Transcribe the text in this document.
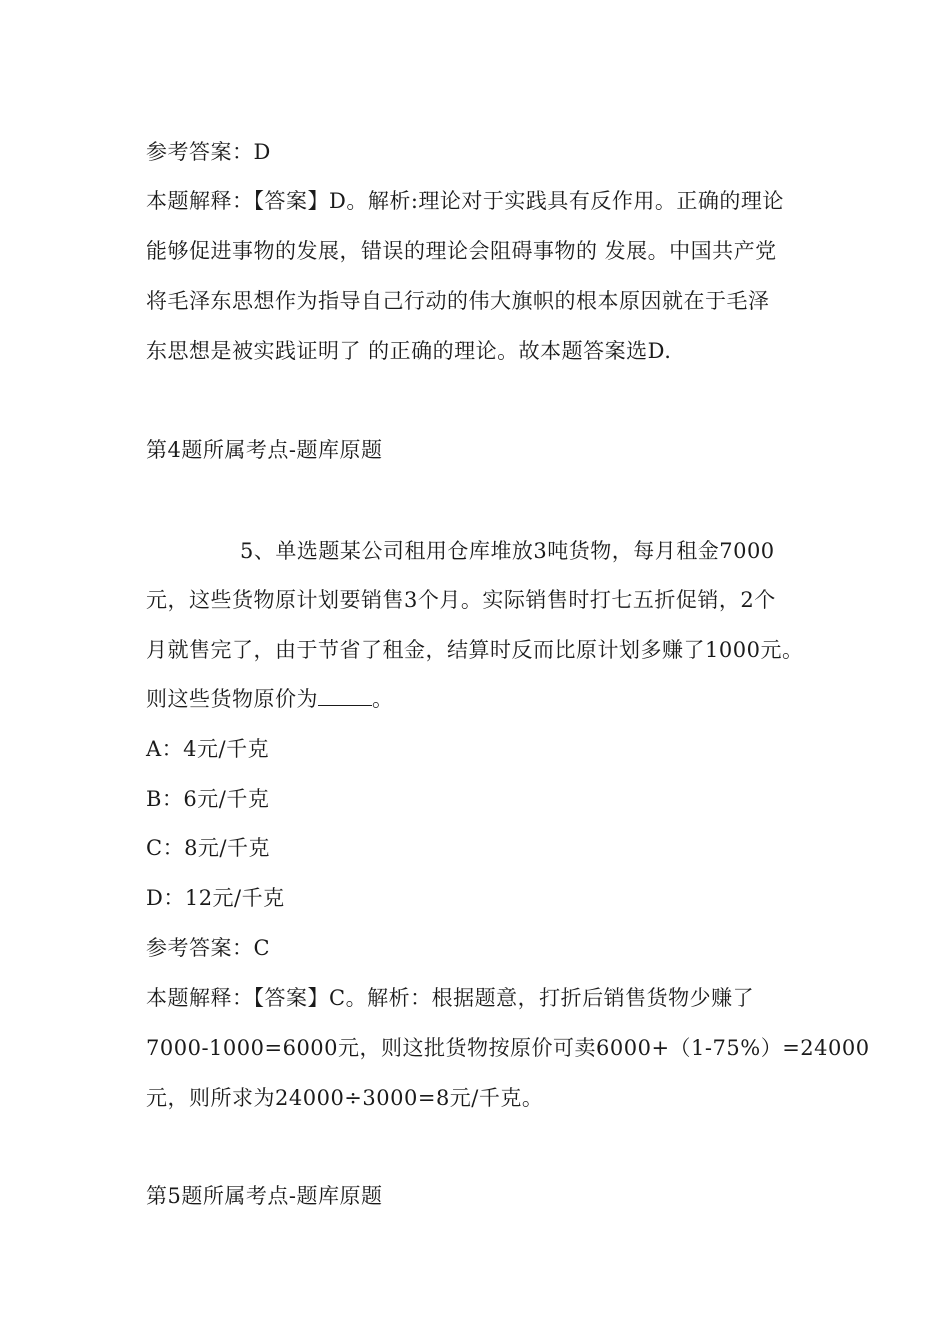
参考答案：D
本题解释：【答案】D。解析:理论对于实践具有反作用。正确的理论
能够促进事物的发展，错误的理论会阻碍事物的 发展。中国共产党
将毛泽东思想作为指导自己行动的伟大旗帜的根本原因就在于毛泽
东思想是被实践证明了 的正确的理论。故本题答案选D.
第4题所属考点-题库原题
5、单选题某公司租用仓库堆放3吨货物，每月租金7000
元，这些货物原计划要销售3个月。实际销售时打七五折促销，2个
月就售完了，由于节省了租金，结算时反而比原计划多赚了1000元。
则这些货物原价为	。
A：4元/千克
B：6元/千克
C：8元/千克
D：12元/千克
参考答案：C
本题解释：【答案】C。解析：根据题意，打折后销售货物少赚了
7000-1000=6000元，则这批货物按原价可卖6000+（1-75%）=24000
元，则所求为24000÷3000=8元/千克。
第5题所属考点-题库原题
